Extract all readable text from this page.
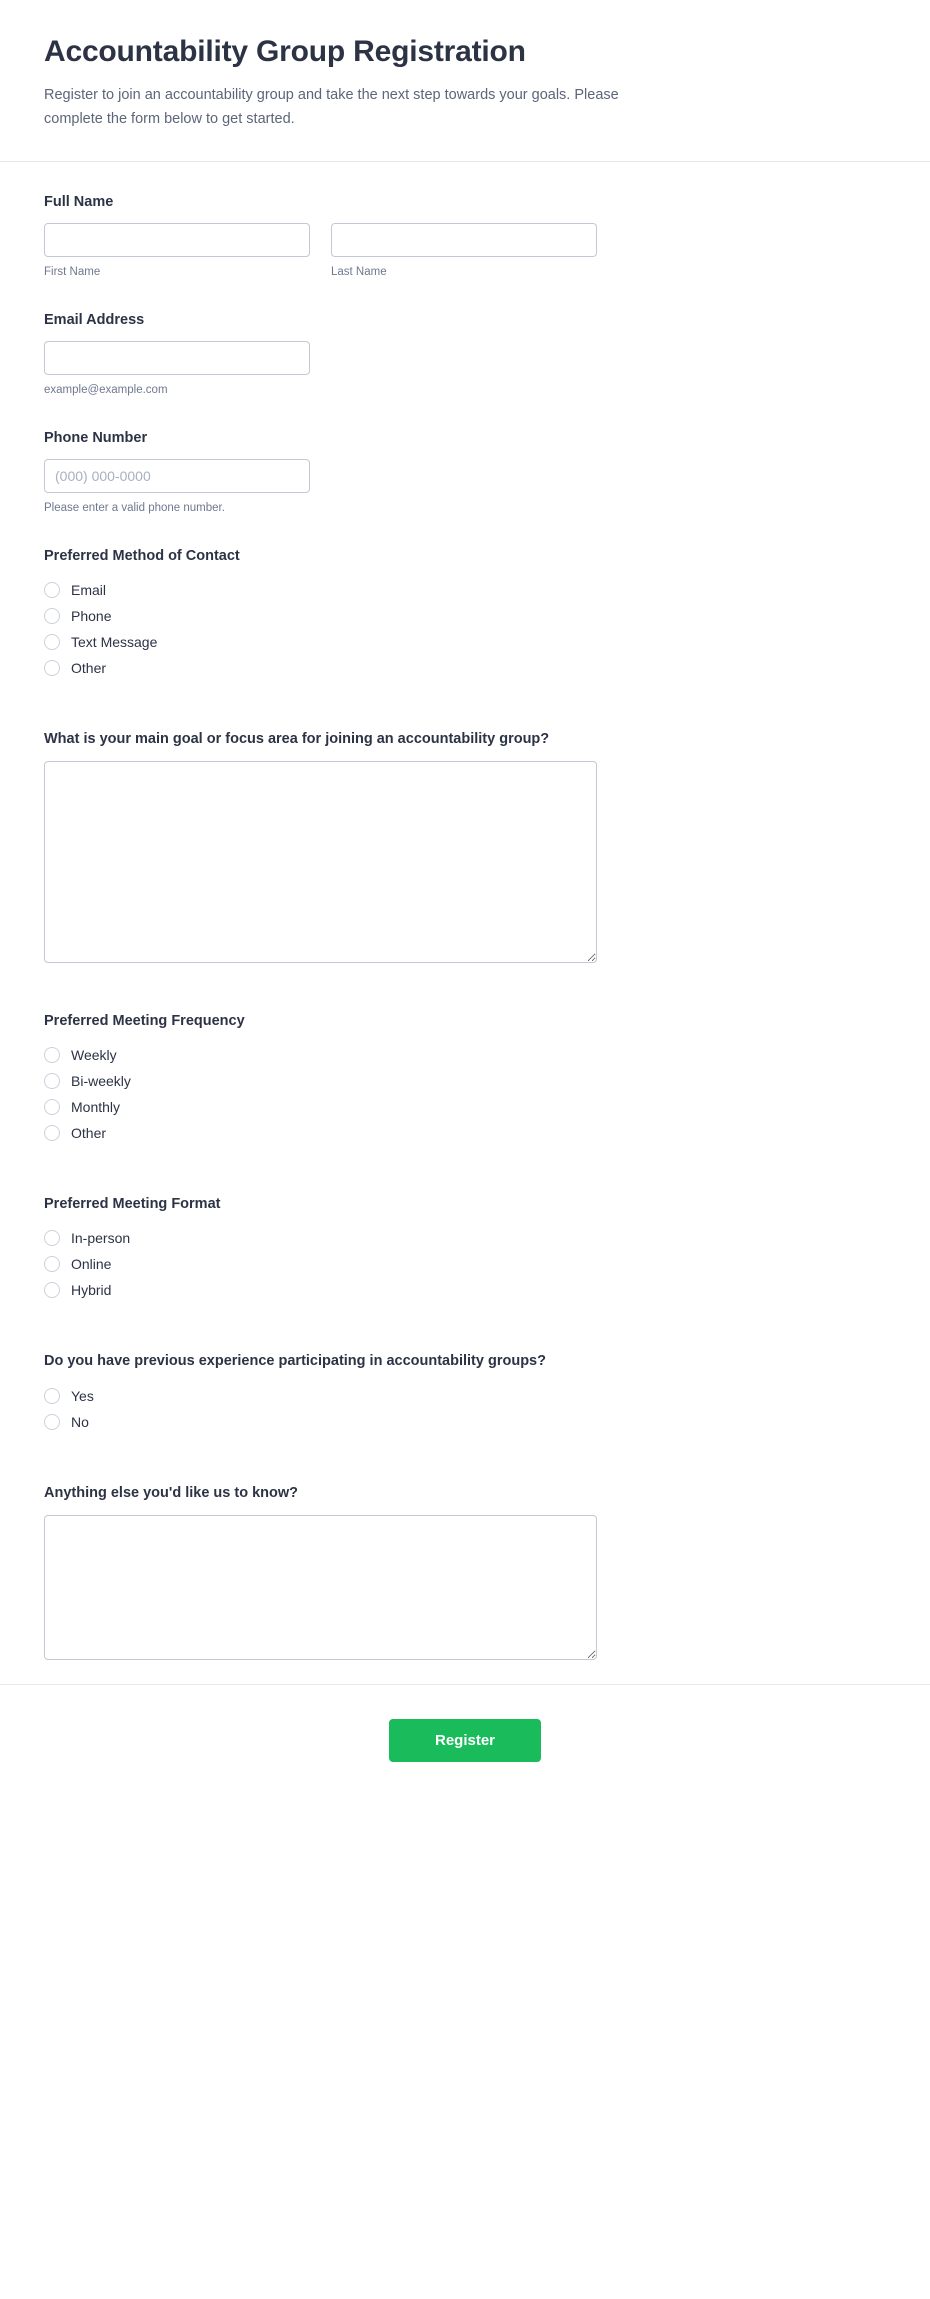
Accountability Group Registration

Register to join an accountability group and take the next step towards your goals. Please complete the form below to get started.

Full Name
First Name	Last Name
Email Address
example@example.com
Phone Number
(000) 000-0000
Please enter a valid phone number.
Preferred Method of Contact
Email
Phone
Text Message
Other
What is your main goal or focus area for joining an accountability group?
Preferred Meeting Frequency
Weekly
Bi-weekly
Monthly
Other
Preferred Meeting Format
In-person
Online
Hybrid
Do you have previous experience participating in accountability groups?
Yes
No
Anything else you'd like us to know?
Register
